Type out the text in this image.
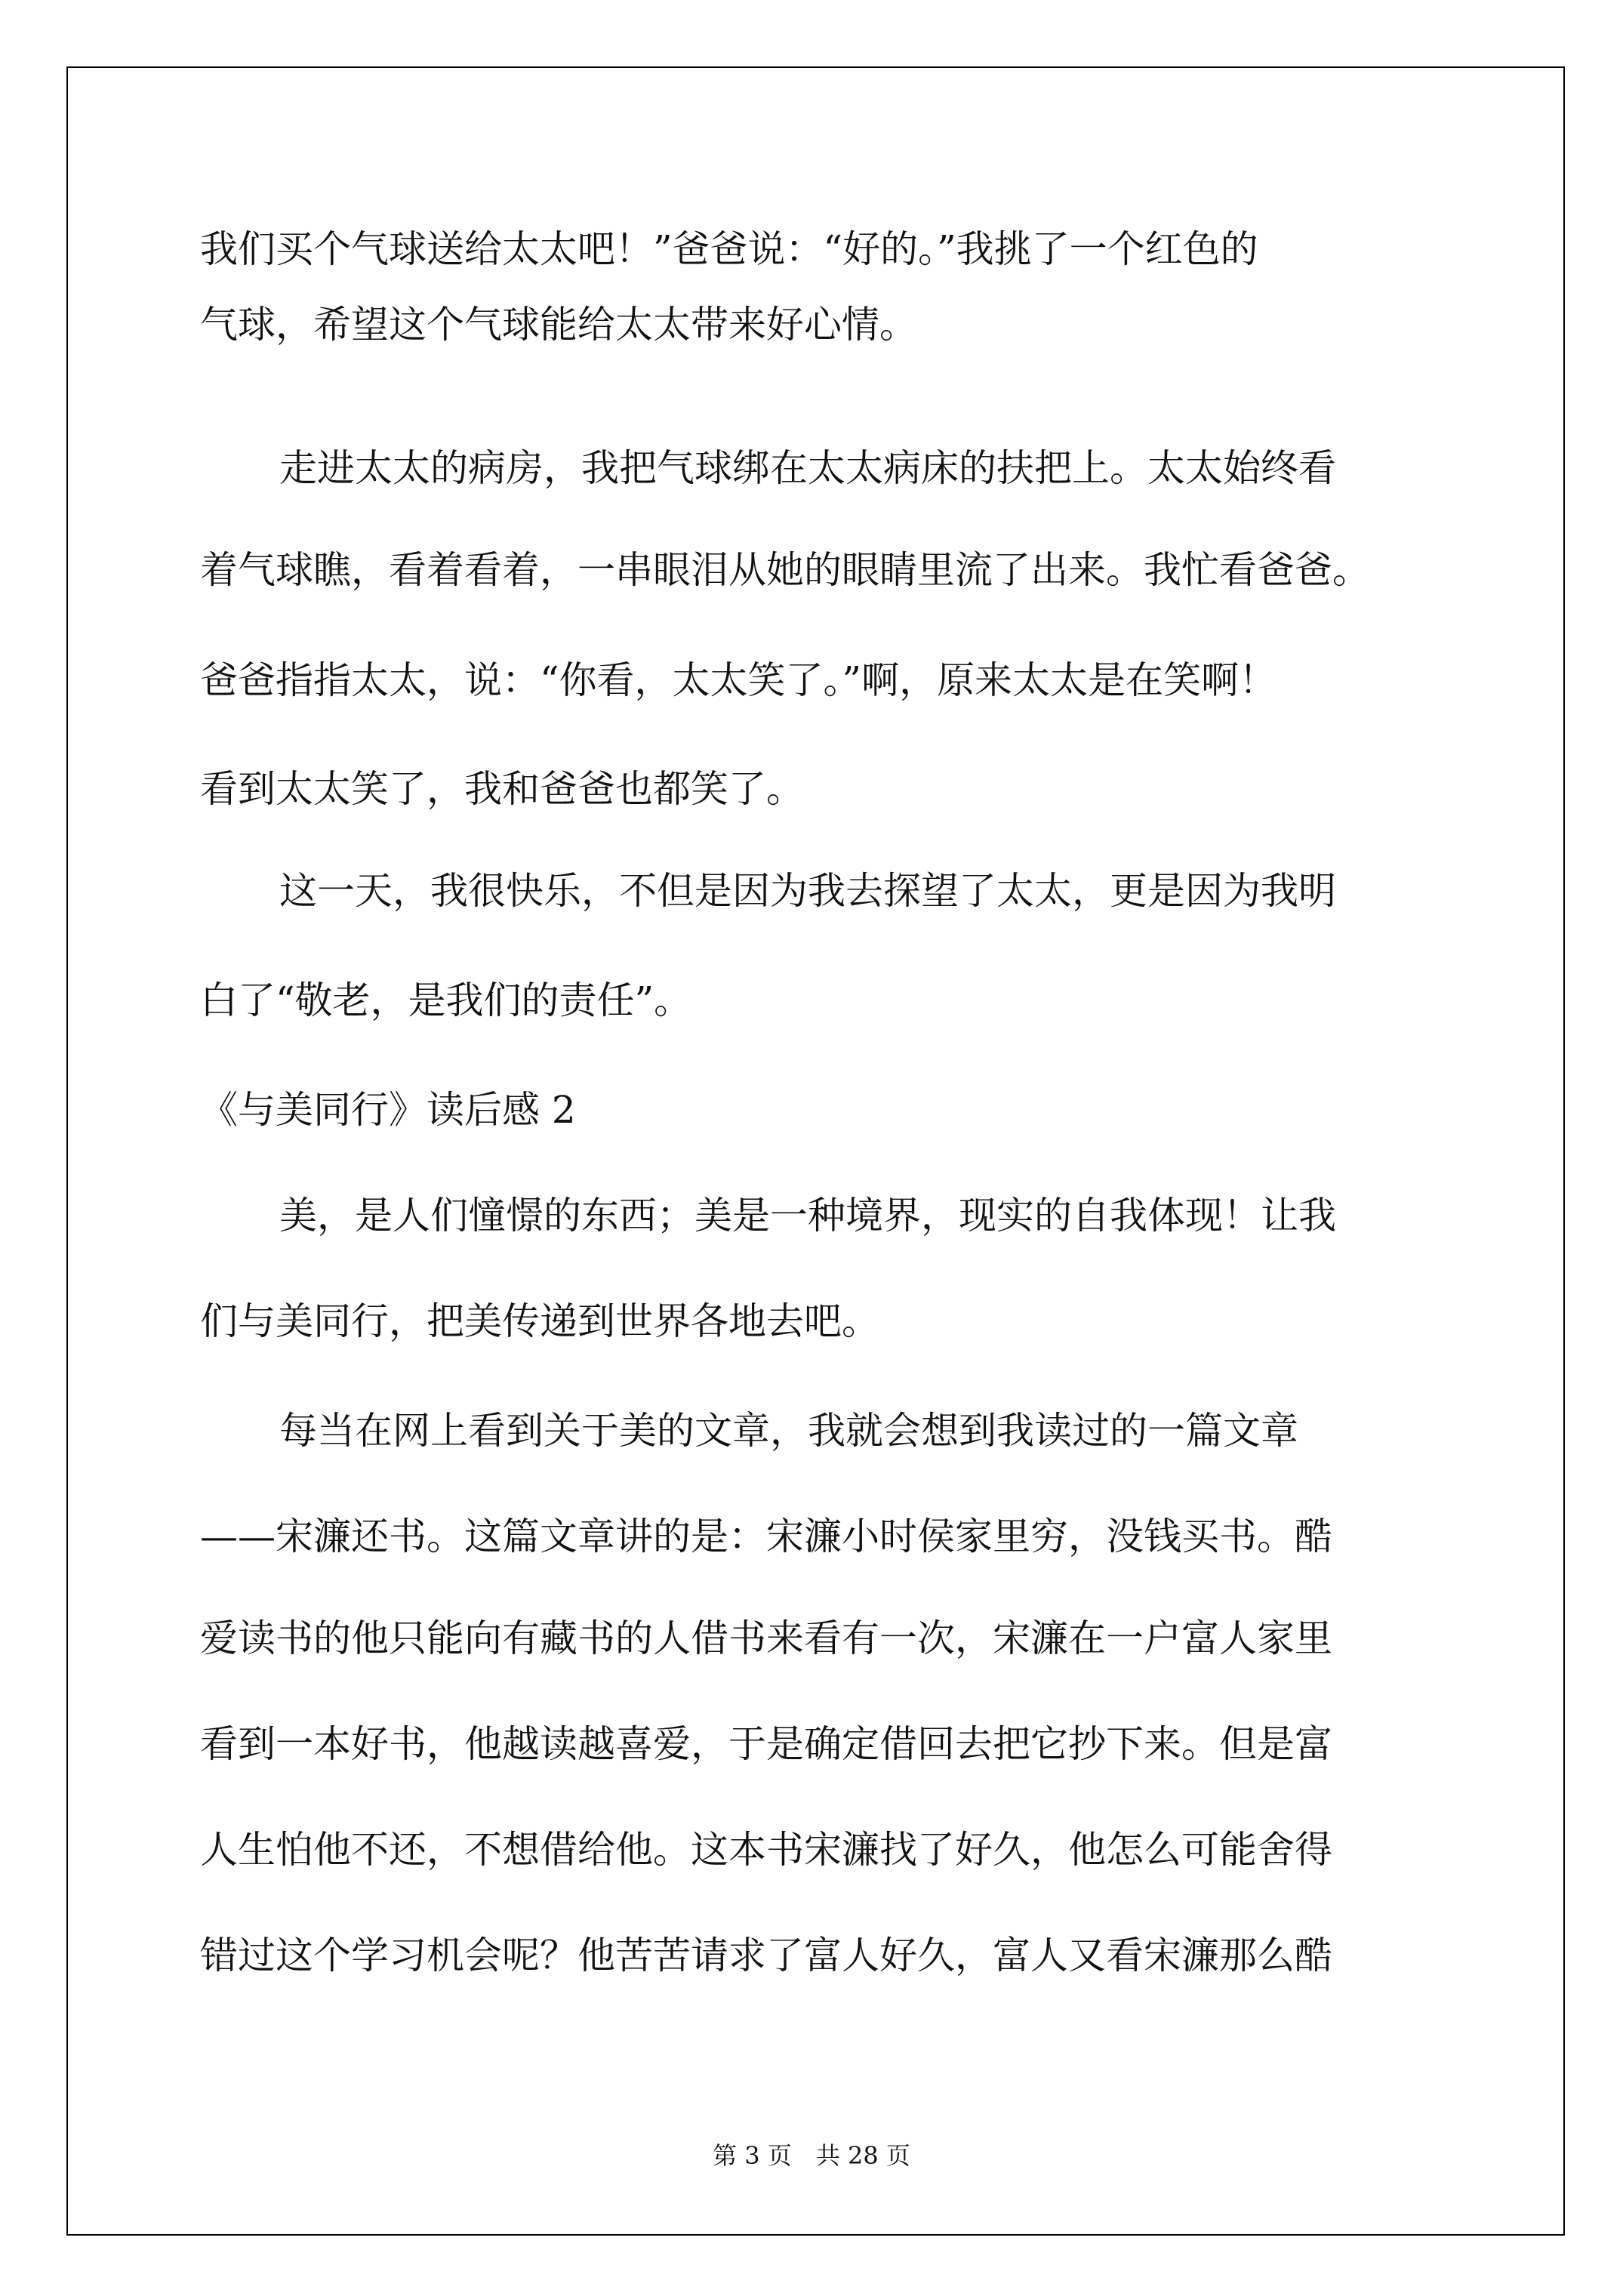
我们买个气球送给太太吧！”爸爸说：“好的。”我挑了一个红色的

气球，希望这个气球能给太太带来好心情。

走进太太的病房，我把气球绑在太太病床的扶把上。太太始终看

着气球瞧，看着看着，一串眼泪从她的眼睛里流了出来。我忙看爸爸。

爸爸指指太太，说：“你看，太太笑了。”啊，原来太太是在笑啊！

看到太太笑了，我和爸爸也都笑了。

这一天，我很快乐，不但是因为我去探望了太太，更是因为我明

白了“敬老，是我们的责任”。

《与美同行》读后感 2

美，是人们憧憬的东西；美是一种境界，现实的自我体现！让我

们与美同行，把美传递到世界各地去吧。

每当在网上看到关于美的文章，我就会想到我读过的一篇文章

——宋濂还书。这篇文章讲的是：宋濂小时侯家里穷，没钱买书。酷

爱读书的他只能向有藏书的人借书来看有一次，宋濂在一户富人家里

看到一本好书，他越读越喜爱，于是确定借回去把它抄下来。但是富

人生怕他不还，不想借给他。这本书宋濂找了好久，他怎么可能舍得

错过这个学习机会呢？他苦苦请求了富人好久，富人又看宋濂那么酷

第 3 页　共 28 页
